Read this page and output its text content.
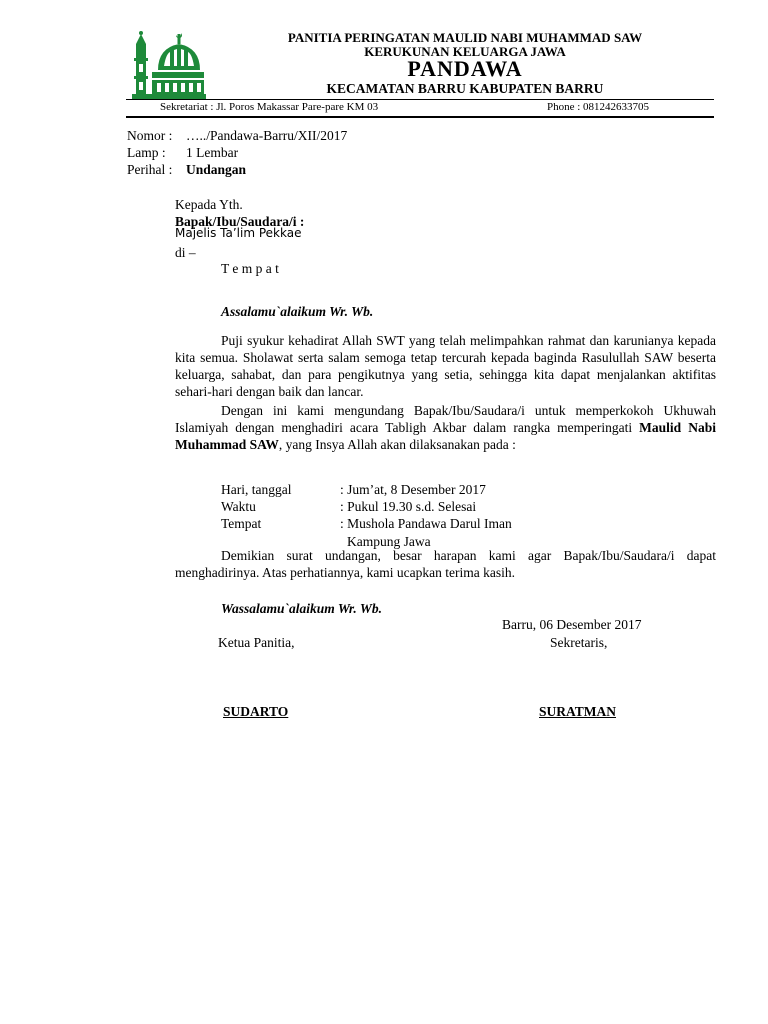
PANITIA PERINGATAN MAULID NABI MUHAMMAD SAW
KERUKUNAN KELUARGA JAWA
PANDAWA
KECAMATAN BARRU KABUPATEN BARRU
Sekretariat : Jl. Poros Makassar Pare-pare KM 03	Phone : 081242633705
Nomor : …../Pandawa-Barru/XII/2017
Lamp : 1 Lembar
Perihal : Undangan
Kepada Yth.
Bapak/Ibu/Saudara/i :
Majelis Ta’lim Pekkae
di –
T e m p a t
Assalamu`alaikum Wr. Wb.
Puji syukur kehadirat Allah SWT yang telah melimpahkan rahmat dan karunianya kepada kita semua. Sholawat serta salam semoga tetap tercurah kepada baginda Rasulullah SAW beserta keluarga, sahabat, dan para pengikutnya yang setia, sehingga kita dapat menjalankan aktifitas sehari-hari dengan baik dan lancar.
Dengan ini kami mengundang Bapak/Ibu/Saudara/i untuk memperkokoh Ukhuwah Islamiyah dengan menghadiri acara Tabligh Akbar dalam rangka memperingati Maulid Nabi Muhammad SAW, yang Insya Allah akan dilaksanakan pada :
Hari, tanggal	: Jum’at, 8 Desember 2017
Waktu	: Pukul 19.30 s.d. Selesai
Tempat	: Mushola Pandawa Darul Iman
Kampung Jawa
Demikian surat undangan, besar harapan kami agar Bapak/Ibu/Saudara/i dapat menghadirinya. Atas perhatiannya, kami ucapkan terima kasih.
Wassalamu`alaikum Wr. Wb.
Barru, 06 Desember 2017
Ketua Panitia,	Sekretaris,
SUDARTO	SURATMAN
